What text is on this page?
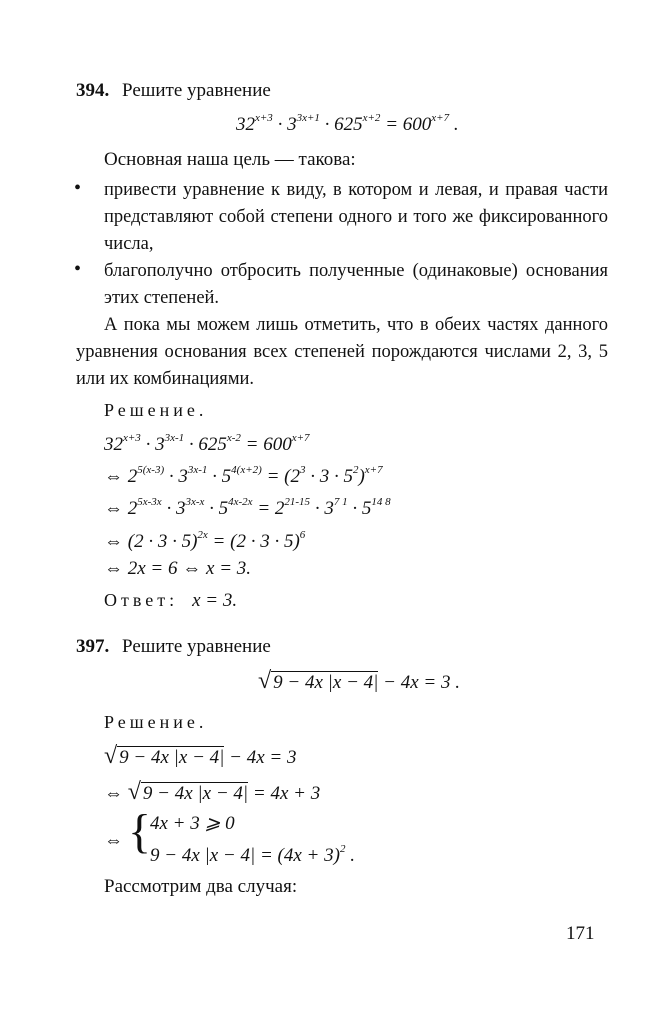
394. Решите уравнение
$32^{x+3} \cdot 3^{3x+1} \cdot 625^{x+2} = 600^{x+7}$ .
Основная наша цель — такова:
• привести уравнение к виду, в котором и левая, и правая части представляют собой степени одного и того же фиксированного числа,
• благополучно отбросить полученные (одинаковые) основания этих степеней.
А пока мы можем лишь отметить, что в обеих частях данного уравнения основания всех степеней порождаются числами 2, 3, 5 или их комбинациями.
Решение.
$32^{x+3} \cdot 3^{3x-1} \cdot 625^{x-2} = 600^{x+7}$
⇔ $2^{5(x-3)} \cdot 3^{3x-1} \cdot 5^{4(x+2)} = (2^3 \cdot 3 \cdot 5^2)^{x+7}$
⇔ $2^{5x-3x} \cdot 3^{3x-x} \cdot 5^{4x-2x} = 2^{21-15} \cdot 3^{7 1} \cdot 5^{14 8}$
⇔ $(2 \cdot 3 \cdot 5)^{2x} = (2 \cdot 3 \cdot 5)^6$
⇔ 2x = 6 ⇔ x = 3.
Ответ: x = 3.
397. Решите уравнение
√ 9 − 4x |x − 4| − 4x = 3 .
Решение.
√ 9 − 4x |x − 4| − 4x = 3
⇔ √ 9 − 4x |x − 4| = 4x + 3
⇔ {
4x + 3 ⩾ 0
9 − 4x $|x - 4| = (4x + 3)^2$ .
Рассмотрим два случая:
171
